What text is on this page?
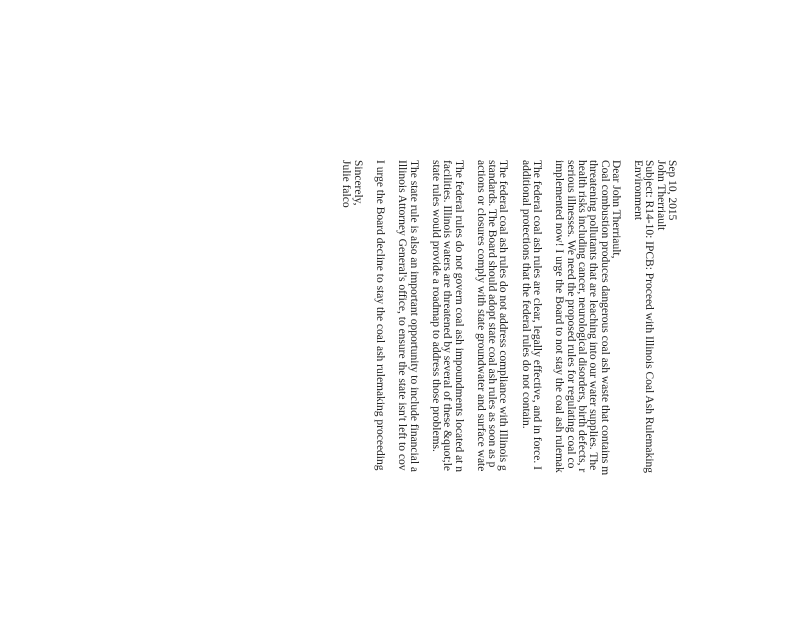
Sep 10, 2015

John Therriault

Subject: R14-10: IPCB: Proceed with Illinois Coal Ash Rulemaking

Environment

Dear John Therriault,

Coal combustion produces dangerous coal ash waste that contains m

threatening pollutants that are leaching into our water supplies. The

health risks including cancer, neurological disorders, birth defects, r

serious illnesses. We need the proposed rules for regulating coal co

implemented now! I urge the Board to not stay the coal ash rulemak

The federal coal ash rules are clear, legally effective, and in force. I

additional protections that the federal rules do not contain.

The federal coal ash rules do not address compliance with Illinois g

standards. The Board should adopt state coal ash rules as soon as p

actions or closures comply with state groundwater and surface wate

The federal rules do not govern coal ash impoundments located at n

facilities. Illinois waters are threatened by several of these &quot;le

state rules would provide a roadmap to address those problems.

The state rule is also an important opportunity to include financial a

Illinois Attorney General's office, to ensure the state isn't left to cov

I urge the Board decline to stay the coal ash rulemaking proceeding

Sincerely,

Julie falco
